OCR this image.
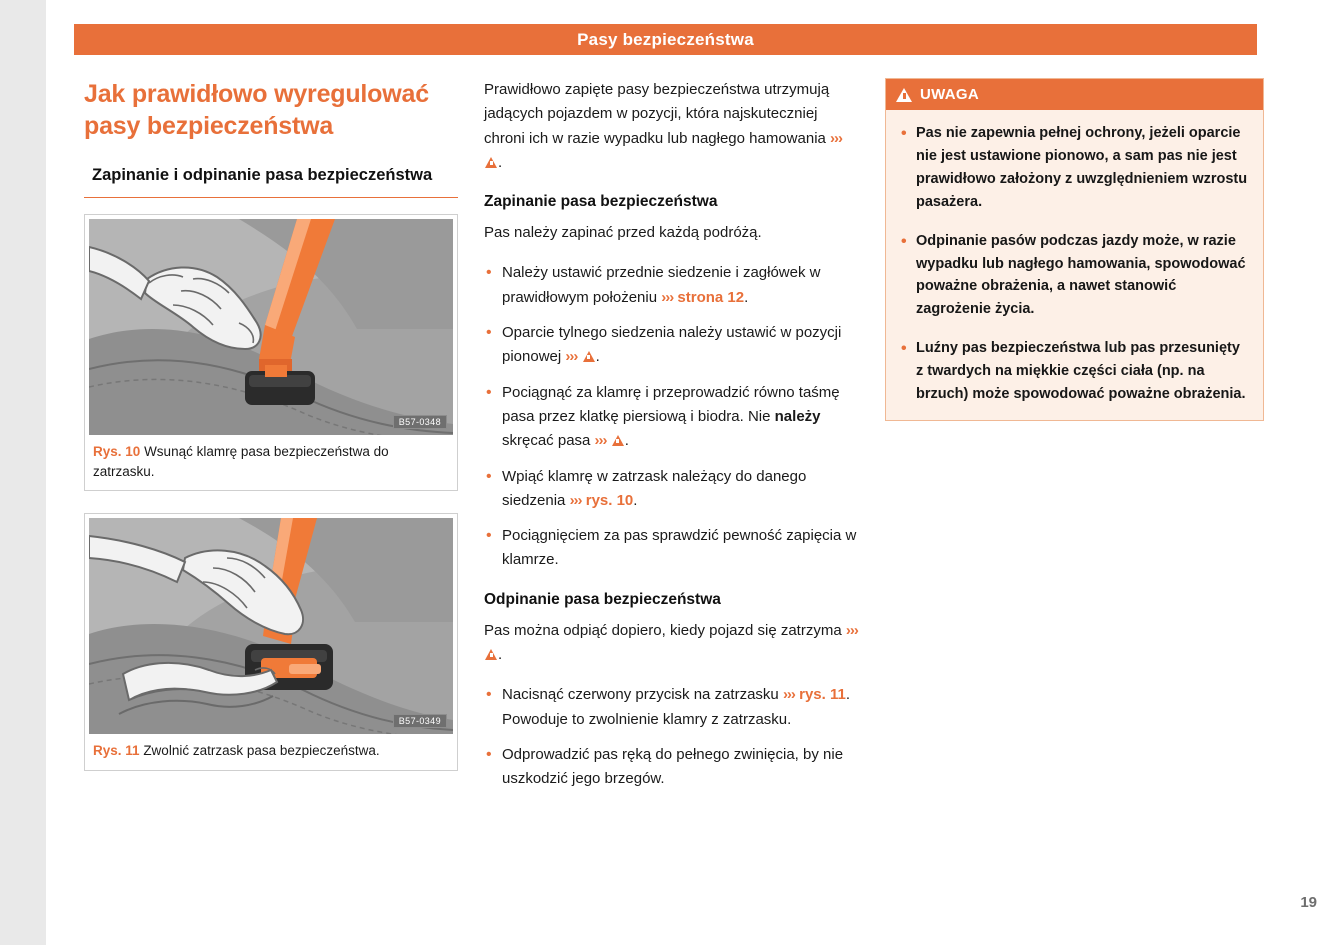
Pasy bezpieczeństwa
Jak prawidłowo wyregulować pasy bezpieczeństwa
Zapinanie i odpinanie pasa bezpieczeństwa
B57-0348
Rys. 10 Wsunąć klamrę pasa bezpieczeństwa do zatrzasku.
B57-0349
Rys. 11 Zwolnić zatrzask pasa bezpieczeństwa.

Prawidłowo zapięte pasy bezpieczeństwa utrzymują jadących pojazdem w pozycji, która najskuteczniej chroni ich w razie wypadku lub nagłego hamowania ››› .

Zapinanie pasa bezpieczeństwa

Pas należy zapinać przed każdą podróżą.

• Należy ustawić przednie siedzenie i zagłówek w prawidłowym położeniu ››› strona 12.
• Oparcie tylnego siedzenia należy ustawić w pozycji pionowej ››› .
• Pociągnąć za klamrę i przeprowadzić równo taśmę pasa przez klatkę piersiową i biodra. Nie należy skręcać pasa ››› .
• Wpiąć klamrę w zatrzask należący do danego siedzenia ››› rys. 10.
• Pociągnięciem za pas sprawdzić pewność zapięcia w klamrze.
Odpinanie pasa bezpieczeństwa

Pas można odpiąć dopiero, kiedy pojazd się zatrzyma ››› .

• Nacisnąć czerwony przycisk na zatrzasku ››› rys. 11. Powoduje to zwolnienie klamry z zatrzasku.
• Odprowadzić pas ręką do pełnego zwinięcia, by nie uszkodzić jego brzegów.
UWAGA
• Pas nie zapewnia pełnej ochrony, jeżeli oparcie nie jest ustawione pionowo, a sam pas nie jest prawidłowo założony z uwzględnieniem wzrostu pasażera.
• Odpinanie pasów podczas jazdy może, w razie wypadku lub nagłego hamowania, spowodować poważne obrażenia, a nawet stanowić zagrożenie życia.
• Luźny pas bezpieczeństwa lub pas przesunięty z twardych na miękkie części ciała (np. na brzuch) może spowodować poważne obrażenia.
19
